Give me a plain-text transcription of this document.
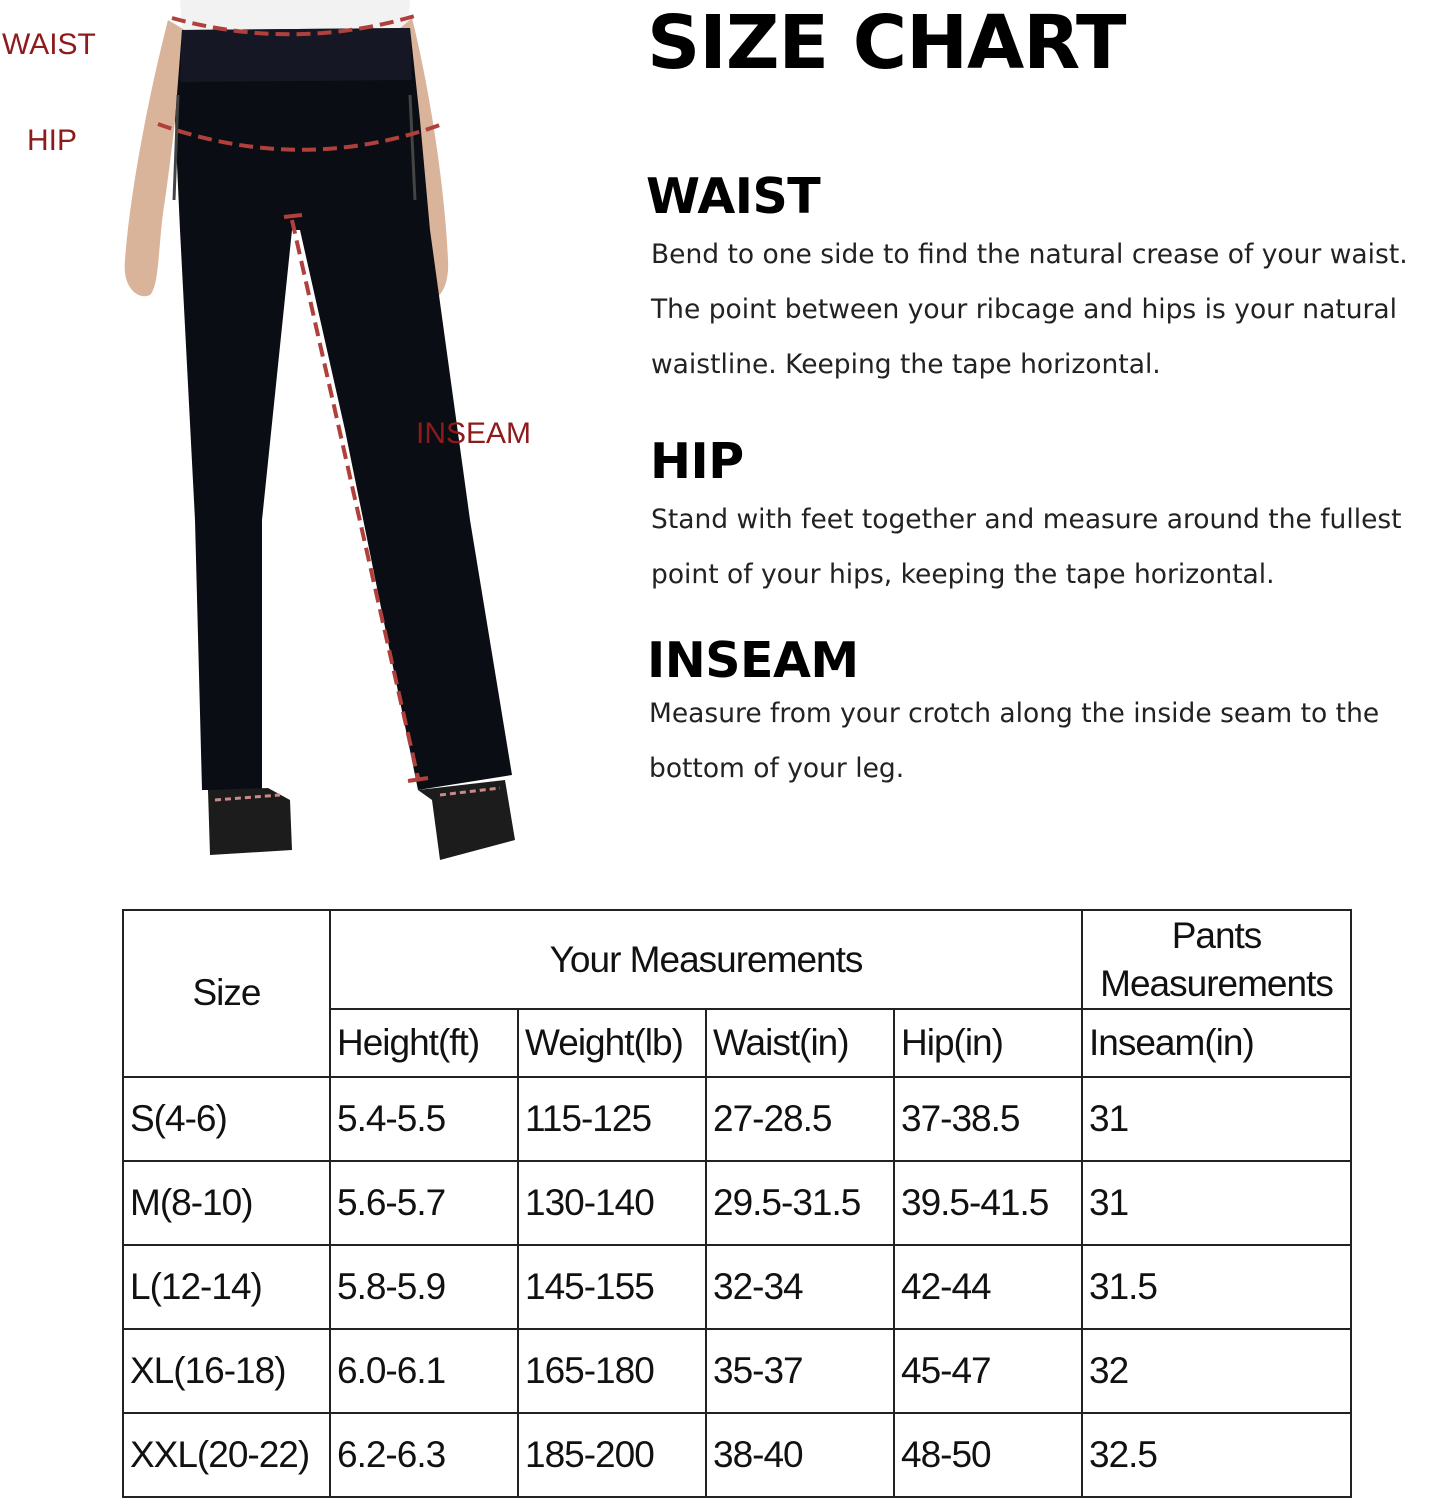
WAIST
HIP
INSEAM
SIZE CHART
WAIST

Bend to one side to find the natural crease of your waist.
The point between your ribcage and hips is your natural
waistline. Keeping the tape horizontal.

HIP

Stand with feet together and measure around the fullest
point of your hips, keeping the tape horizontal.

INSEAM

Measure from your crotch along the inside seam to the
bottom of your leg.

Size	Your Measurements				Pants
Measurements
	Height(ft)	Weight(lb)	Waist(in)	Hip(in)	Inseam(in)
S(4-6)	5.4-5.5	115-125	27-28.5	37-38.5	31
M(8-10)	5.6-5.7	130-140	29.5-31.5	39.5-41.5	31
L(12-14)	5.8-5.9	145-155	32-34	42-44	31.5
XL(16-18)	6.0-6.1	165-180	35-37	45-47	32
XXL(20-22)	6.2-6.3	185-200	38-40	48-50	32.5
